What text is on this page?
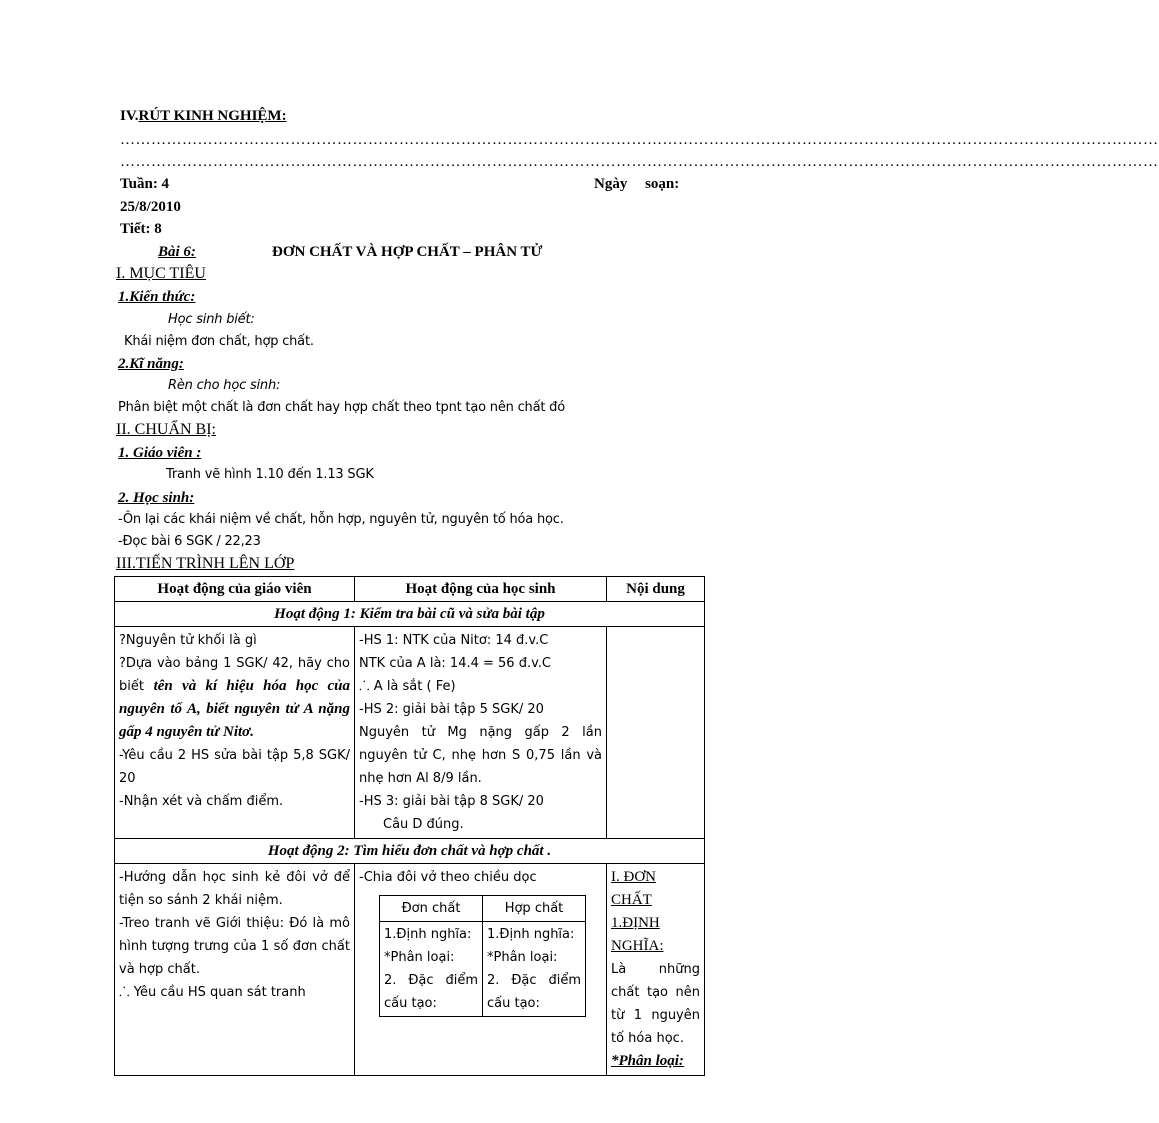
IV.RÚT KINH NGHIỆM:
…………………………………………………………………………………………………………………………………………………………………………………
…………………………………………………………………………………………………………………………………………………………………………………
Tuần: 4	Ngày soạn:
25/8/2010
Tiết: 8
Bài 6:	ĐƠN CHẤT VÀ HỢP CHẤT – PHÂN TỬ
I. MỤC TIÊU
1.Kiến thức:
Học sinh biết:
Khái niệm đơn chất, hợp chất.
2.Kĩ năng:
Rèn cho học sinh:
Phân biệt một chất là đơn chất hay hợp chất theo tpnt tạo nên chất đó
II. CHUẨN BỊ:
1. Giáo viên :
Tranh vẽ hình 1.10 đến 1.13 SGK
2. Học sinh:
-Ôn lại các khái niệm về chất, hỗn hợp, nguyên tử, nguyên tố hóa học.
-Đọc bài 6 SGK / 22,23
III.TIẾN TRÌNH LÊN LỚP
Hoạt động của giáo viên	Hoạt động của học sinh	Nội dung
Hoạt động 1: Kiểm tra bài cũ và sửa bài tập

?Nguyên tử khối là gì
?Dựa vào bảng 1 SGK/ 42, hãy cho biết tên và kí hiệu hóa học của nguyên tố A, biết nguyên tử A nặng gấp 4 nguyên tử Nitơ.
-Yêu cầu 2 HS sửa bài tập 5,8 SGK/ 20
-Nhận xét và chấm điểm.

-HS 1: NTK của Nitơ: 14 đ.v.C
NTK của A là: 14.4 = 56 đ.v.C
⸫ A là sắt ( Fe)
-HS 2: giải bài tập 5 SGK/ 20
Nguyên tử Mg nặng gấp 2 lần nguyên tử C, nhẹ hơn S 0,75 lần và nhẹ hơn Al 8/9 lần.
-HS 3: giải bài tập 8 SGK/ 20
Câu D đúng.

Hoạt động 2: Tìm hiểu đơn chất và hợp chất .

-Hướng dẫn học sinh kẻ đôi vở để tiện so sánh 2 khái niệm.
-Treo tranh vẽ Giới thiệu: Đó là mô hình tượng trưng của 1 số đơn chất và hợp chất.
⸫ Yêu cầu HS quan sát tranh

-Chia đôi vở theo chiều dọc
Đơn chất	Hợp chất

1.Định nghĩa:
*Phân loại:
2. Đặc điểm cấu tạo:

1.Định nghĩa:
*Phân loại:
2. Đặc điểm cấu tạo:

I. ĐƠN CHẤT
1.ĐỊNH NGHĨA:
Là những chất tạo nên từ 1 nguyên tố hóa học.
*Phân loại:
